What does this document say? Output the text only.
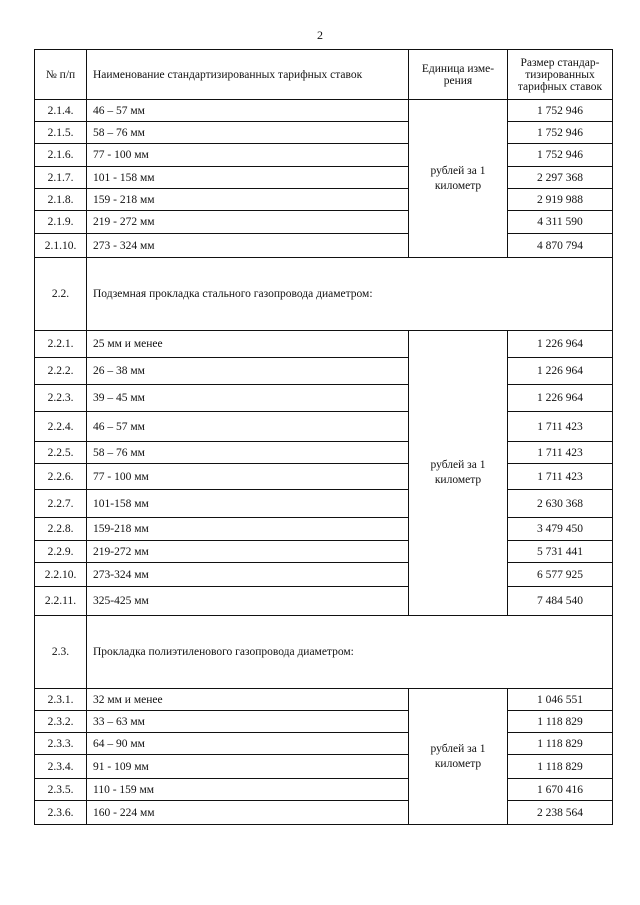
2
№ п/п	Наименование стандартизированных тарифных ставок	Единица изме-рения	Размер стандар-тизированных тарифных ставок
2.1.4.	46 – 57 мм	рублей за 1 километр	1 752 946
2.1.5.	58 – 76 мм		1 752 946
2.1.6.	77 - 100 мм		1 752 946
2.1.7.	101 - 158 мм		2 297 368
2.1.8.	159 - 218 мм		2 919 988
2.1.9.	219 - 272 мм		4 311 590
2.1.10.	273 - 324 мм		4 870 794
2.2.	Подземная прокладка стального газопровода диаметром:		
2.2.1.	25 мм и менее	рублей за 1 километр	1 226 964
2.2.2.	26 – 38 мм		1 226 964
2.2.3.	39 – 45 мм		1 226 964
2.2.4.	46 – 57 мм		1 711 423
2.2.5.	58 – 76 мм		1 711 423
2.2.6.	77 - 100 мм		1 711 423
2.2.7.	101-158 мм		2 630 368
2.2.8.	159-218 мм		3 479 450
2.2.9.	219-272 мм		5 731 441
2.2.10.	273-324 мм		6 577 925
2.2.11.	325-425 мм		7 484 540
2.3.	Прокладка полиэтиленового газопровода диаметром:		
2.3.1.	32 мм и менее	рублей за 1 километр	1 046 551
2.3.2.	33 – 63 мм		1 118 829
2.3.3.	64 – 90 мм		1 118 829
2.3.4.	91 - 109 мм		1 118 829
2.3.5.	110 - 159 мм		1 670 416
2.3.6.	160 - 224 мм		2 238 564
